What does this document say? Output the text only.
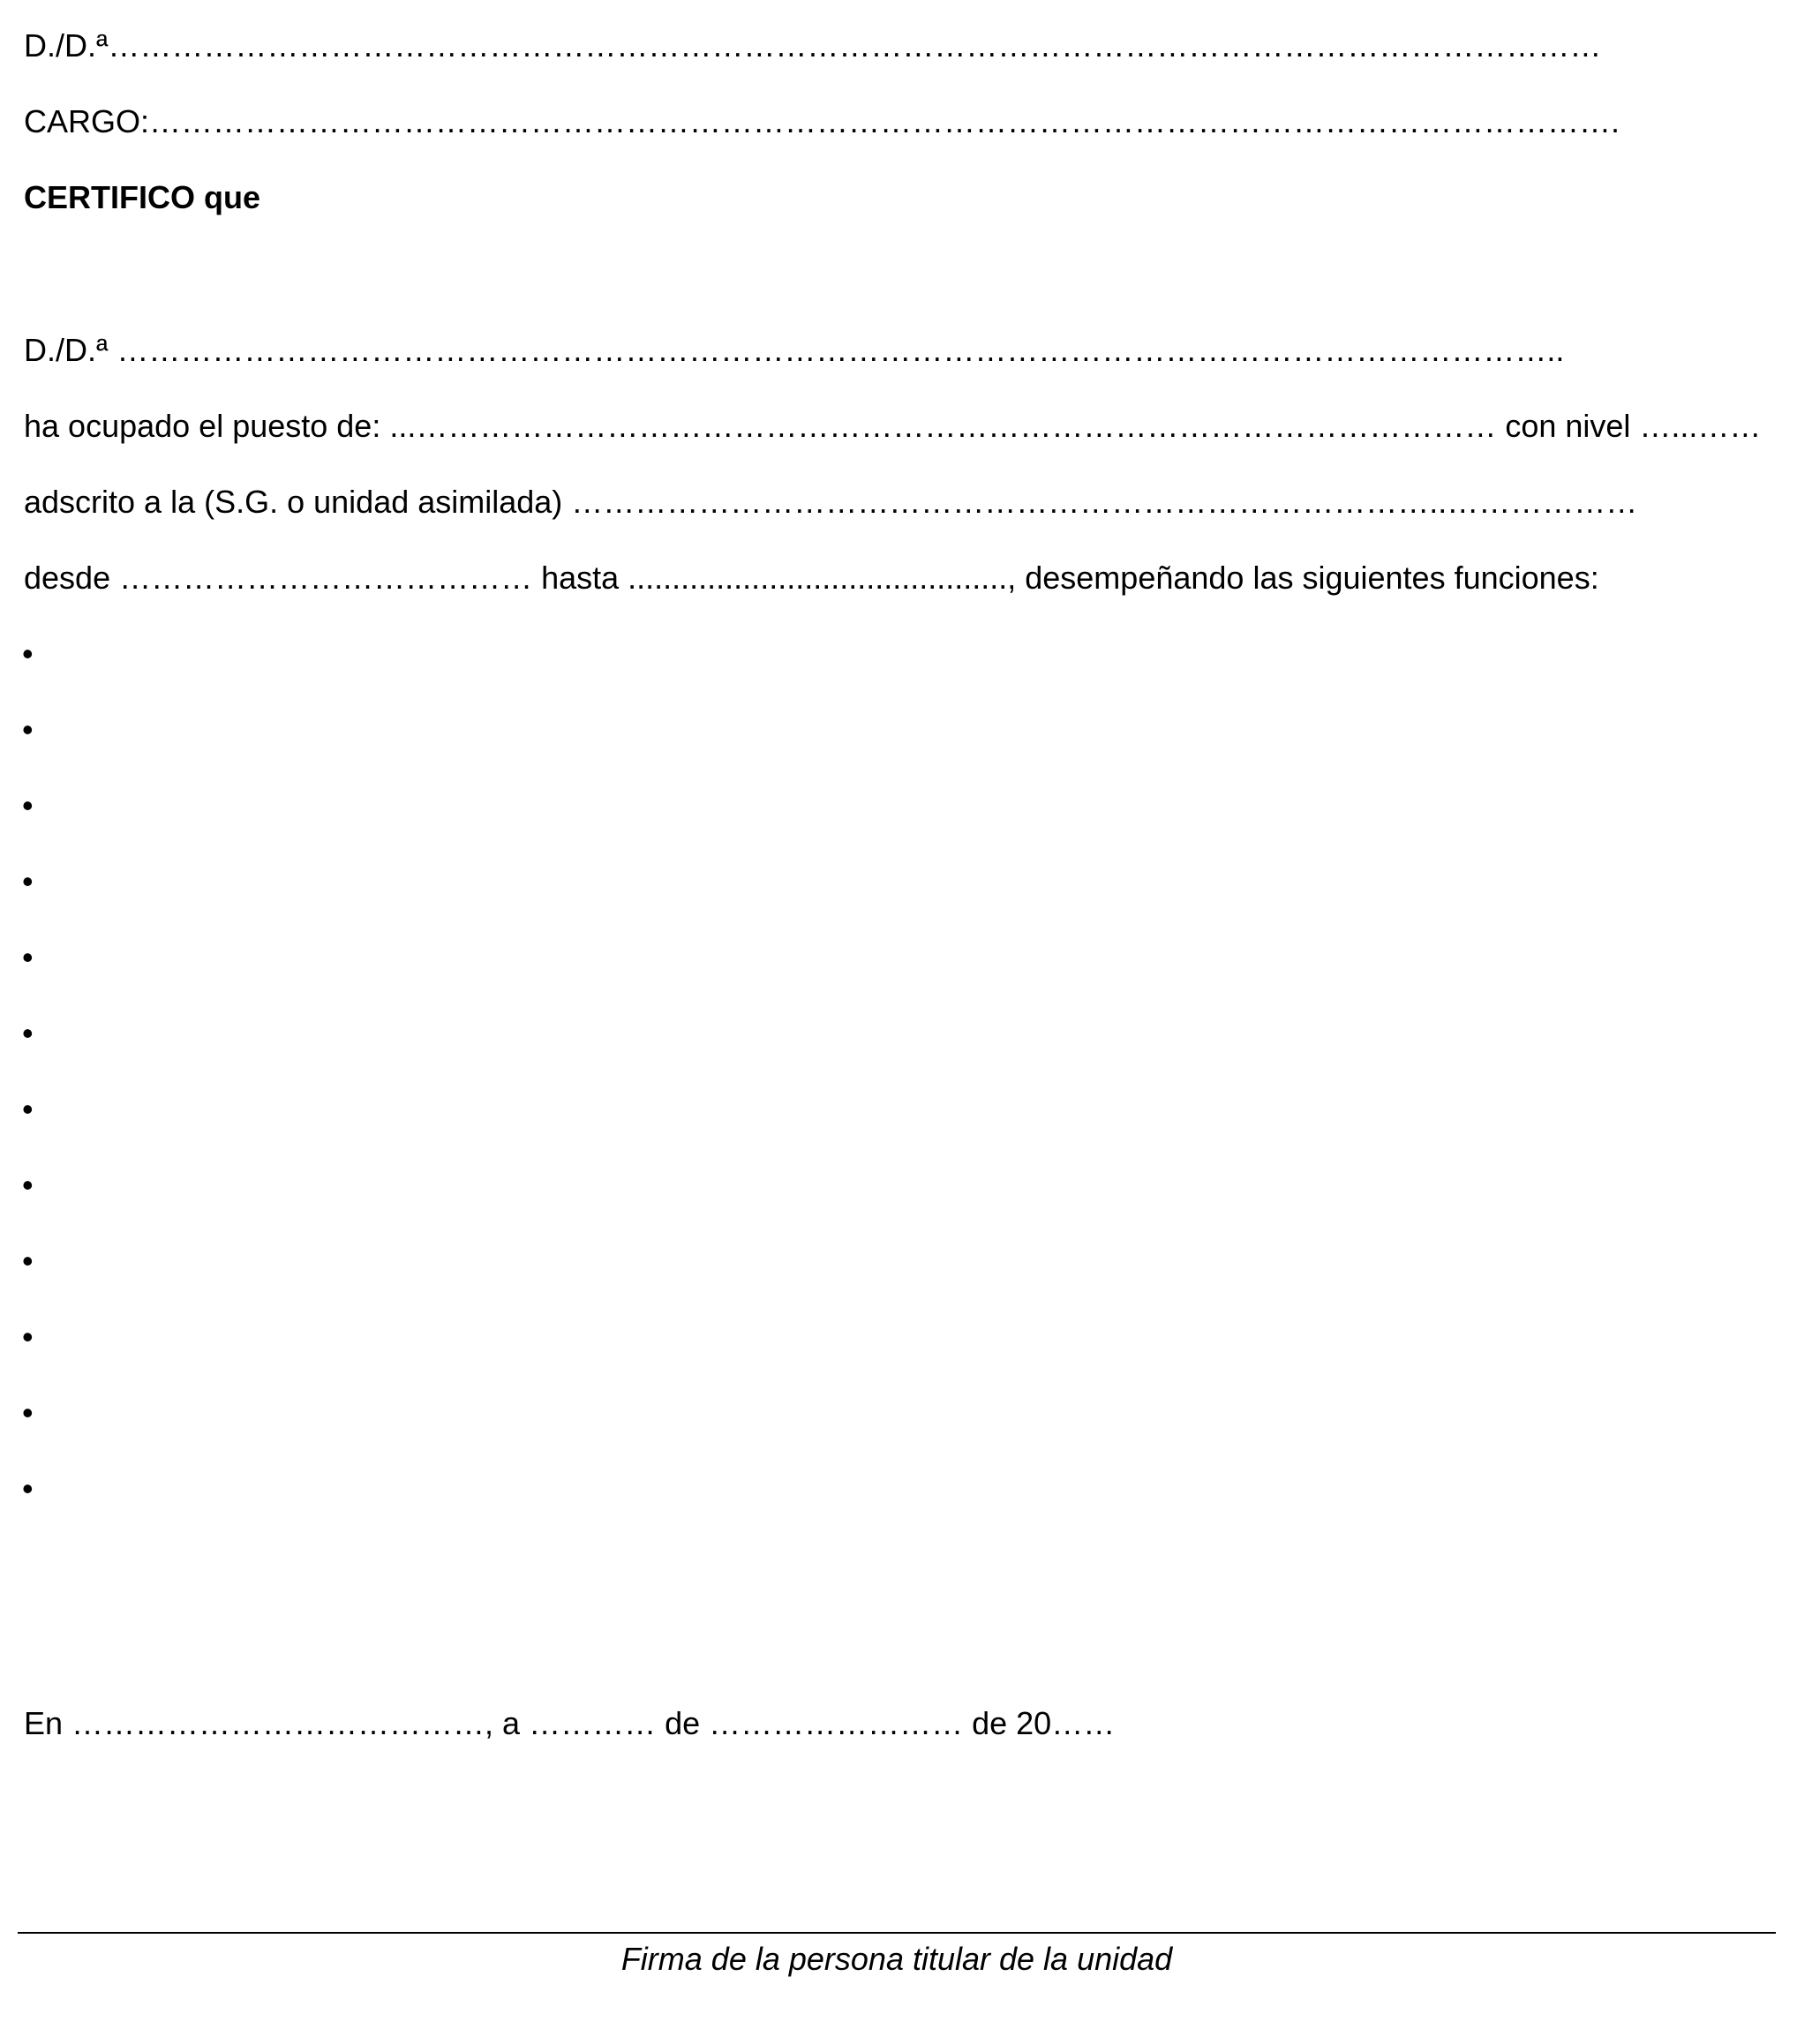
D./D.ª……………………………………………………………………………………………………………………………
CARGO:………………………………………………………………………………………………………………………….
CERTIFICO que
D./D.ª ………………………………………………………………………………………………………………………..
ha ocupado el puesto de: ...………………………………………………………………………………………… con nivel …...……
adscrito a la (S.G. o unidad asimilada) ………………………………………………………………………..………………
desde ………………………………… hasta ..........................................., desempeñando las siguientes funciones:
•
•
•
•
•
•
•
•
•
•
•
•
En …………………………………, a ………… de …………………… de 20……
Firma de la persona titular de la unidad
